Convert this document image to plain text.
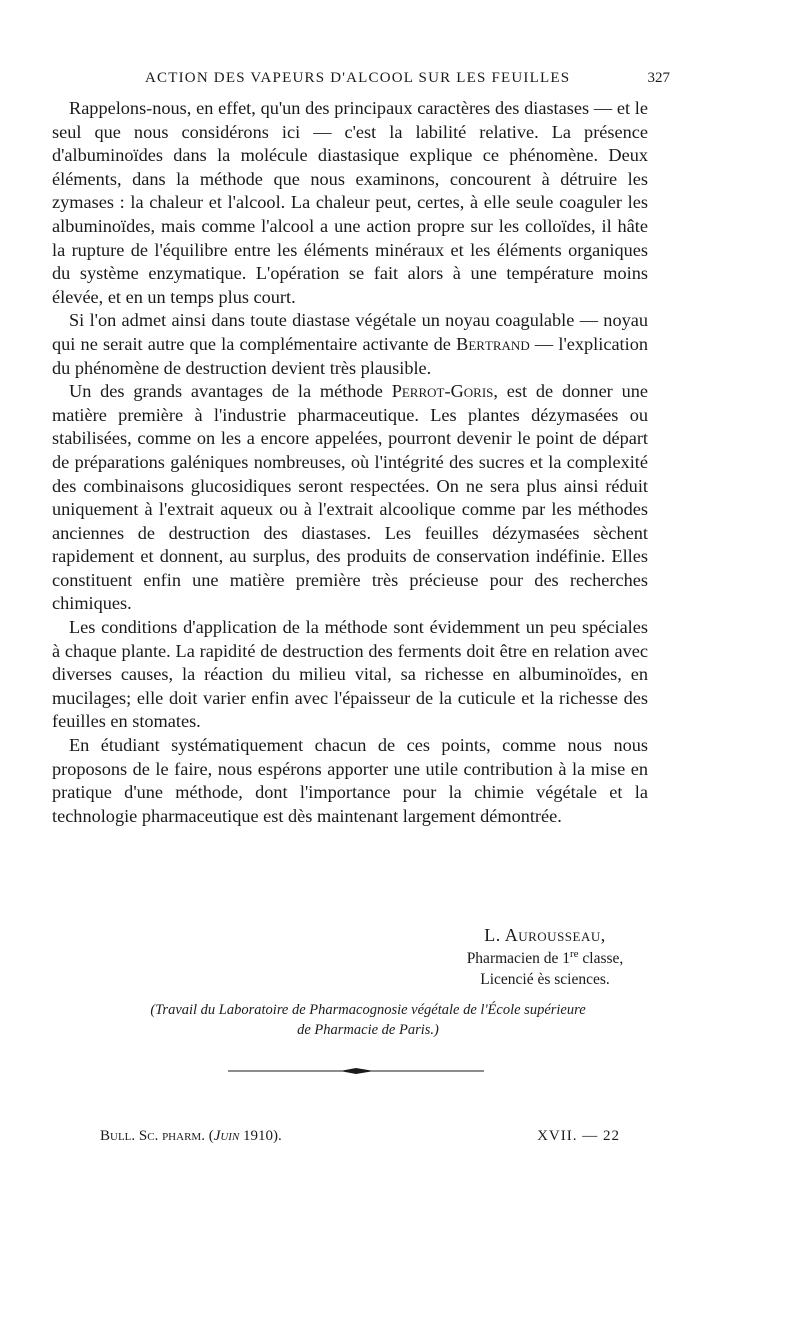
ACTION DES VAPEURS D'ALCOOL SUR LES FEUILLES	327

Rappelons-nous, en effet, qu'un des principaux caractères des diastases — et le seul que nous considérons ici — c'est la labilité relative. La présence d'albuminoïdes dans la molécule diastasique explique ce phénomène. Deux éléments, dans la méthode que nous examinons, concourent à détruire les zymases : la chaleur et l'alcool. La chaleur peut, certes, à elle seule coaguler les albuminoïdes, mais comme l'alcool a une action propre sur les colloïdes, il hâte la rupture de l'équilibre entre les éléments minéraux et les éléments organiques du système enzymatique. L'opération se fait alors à une température moins élevée, et en un temps plus court.

Si l'on admet ainsi dans toute diastase végétale un noyau coagulable — noyau qui ne serait autre que la complémentaire activante de Bertrand — l'explication du phénomène de destruction devient très plausible.

Un des grands avantages de la méthode Perrot-Goris, est de donner une matière première à l'industrie pharmaceutique. Les plantes dézymasées ou stabilisées, comme on les a encore appelées, pourront devenir le point de départ de préparations galéniques nombreuses, où l'intégrité des sucres et la complexité des combinaisons glucosidiques seront respectées. On ne sera plus ainsi réduit uniquement à l'extrait aqueux ou à l'extrait alcoolique comme par les méthodes anciennes de destruction des diastases. Les feuilles dézymasées sèchent rapidement et donnent, au surplus, des produits de conservation indéfinie. Elles constituent enfin une matière première très précieuse pour des recherches chimiques.

Les conditions d'application de la méthode sont évidemment un peu spéciales à chaque plante. La rapidité de destruction des ferments doit être en relation avec diverses causes, la réaction du milieu vital, sa richesse en albuminoïdes, en mucilages; elle doit varier enfin avec l'épaisseur de la cuticule et la richesse des feuilles en stomates.

En étudiant systématiquement chacun de ces points, comme nous nous proposons de le faire, nous espérons apporter une utile contribution à la mise en pratique d'une méthode, dont l'importance pour la chimie végétale et la technologie pharmaceutique est dès maintenant largement démontrée.

L. Aurousseau,
Pharmacien de 1re classe,
Licencié ès sciences.
(Travail du Laboratoire de Pharmacognosie végétale de l'École supérieure
de Pharmacie de Paris.)
Bull. Sc. pharm. (Juin 1910).	XVII. — 22
